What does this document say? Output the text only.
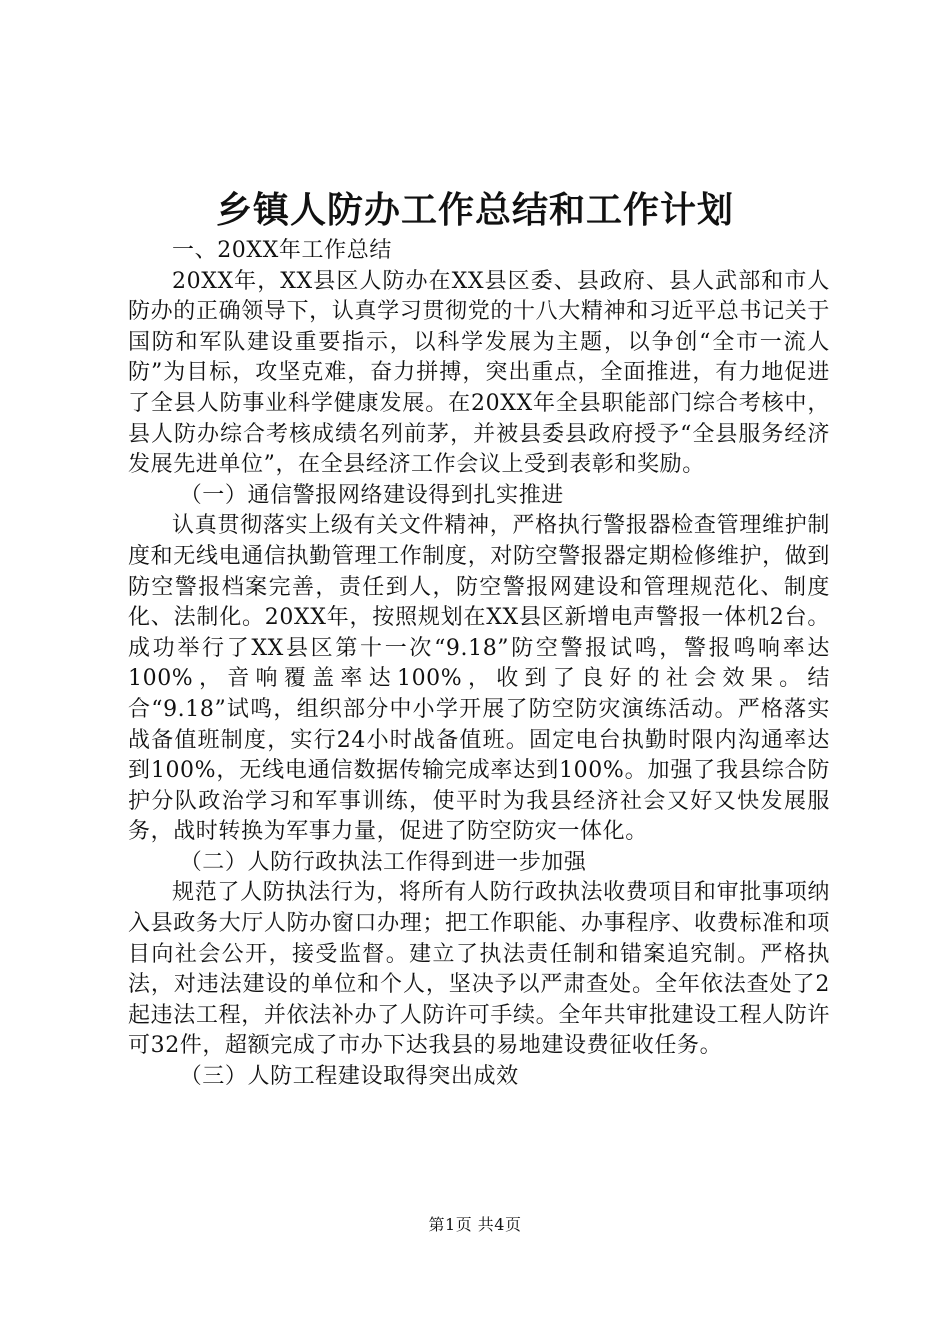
乡镇人防办工作总结和工作计划

一、20XX年工作总结

20XX年，XX县区人防办在XX县区委、县政府、县人武部和市人防办的正确领导下，认真学习贯彻党的十八大精神和习近平总书记关于国防和军队建设重要指示，以科学发展为主题，以争创“全市一流人防”为目标，攻坚克难，奋力拼搏，突出重点，全面推进，有力地促进了全县人防事业科学健康发展。在20XX年全县职能部门综合考核中，县人防办综合考核成绩名列前茅，并被县委县政府授予“全县服务经济发展先进单位”，在全县经济工作会议上受到表彰和奖励。

（一）通信警报网络建设得到扎实推进

认真贯彻落实上级有关文件精神，严格执行警报器检查管理维护制度和无线电通信执勤管理工作制度，对防空警报器定期检修维护，做到防空警报档案完善，责任到人，防空警报网建设和管理规范化、制度化、法制化。20XX年，按照规划在XX县区新增电声警报一体机2台。成功举行了XX县区第十一次“9.18”防空警报试鸣，警报鸣响率达100%，音响覆盖率达100%，收到了良好的社会效果。结合“9.18”试鸣，组织部分中小学开展了防空防灾演练活动。严格落实战备值班制度，实行24小时战备值班。固定电台执勤时限内沟通率达到100%，无线电通信数据传输完成率达到100%。加强了我县综合防护分队政治学习和军事训练，使平时为我县经济社会又好又快发展服务，战时转换为军事力量，促进了防空防灾一体化。

（二）人防行政执法工作得到进一步加强

规范了人防执法行为，将所有人防行政执法收费项目和审批事项纳入县政务大厅人防办窗口办理；把工作职能、办事程序、收费标准和项目向社会公开，接受监督。建立了执法责任制和错案追究制。严格执法，对违法建设的单位和个人，坚决予以严肃查处。全年依法查处了2起违法工程，并依法补办了人防许可手续。全年共审批建设工程人防许可32件，超额完成了市办下达我县的易地建设费征收任务。

（三）人防工程建设取得突出成效

第1页 共4页
